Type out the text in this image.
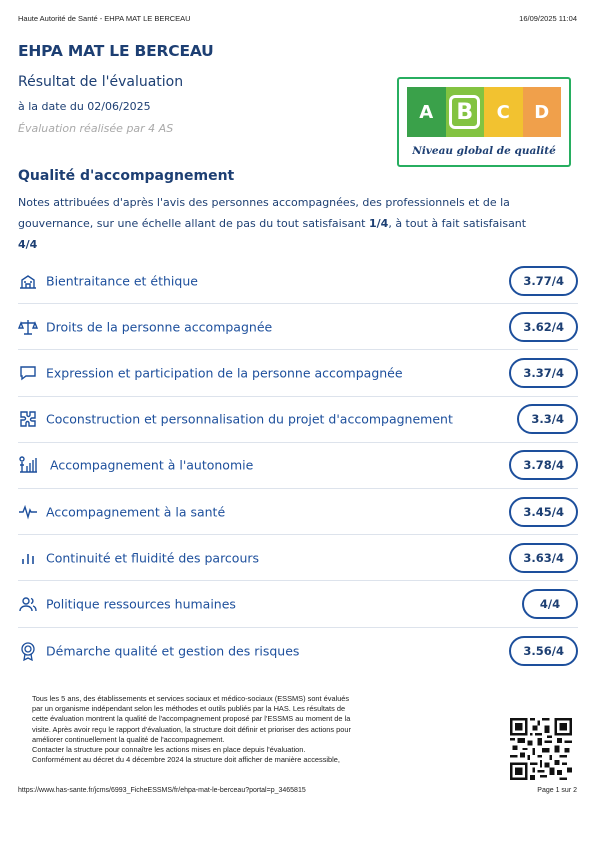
Haute Autorité de Santé - EHPA MAT LE BERCEAU	16/09/2025 11:04
EHPA MAT LE BERCEAU
Résultat de l'évaluation
à la date du 02/06/2025
Évaluation réalisée par 4 AS
A	B	C	D
Niveau global de qualité
Qualité d'accompagnement
Notes attribuées d'après l'avis des personnes accompagnées, des professionnels et de la gouvernance, sur une échelle allant de pas du tout satisfaisant 1/4, à tout à fait satisfaisant
4/4
Bientraitance et éthique	3.77/4
Droits de la personne accompagnée	3.62/4
Expression et participation de la personne accompagnée	3.37/4
Coconstruction et personnalisation du projet d'accompagnement	3.3/4
Accompagnement à l'autonomie	3.78/4
Accompagnement à la santé	3.45/4
Continuité et fluidité des parcours	3.63/4
Politique ressources humaines	4/4
Démarche qualité et gestion des risques	3.56/4
Tous les 5 ans, des établissements et services sociaux et médico-sociaux (ESSMS) sont évalués
par un organisme indépendant selon les méthodes et outils publiés par la HAS. Les résultats de
cette évaluation montrent la qualité de l'accompagnement proposé par l'ESSMS au moment de la
visite. Après avoir reçu le rapport d'évaluation, la structure doit définir et prioriser des actions pour
améliorer continuellement la qualité de l'accompagnement.
Contacter la structure pour connaître les actions mises en place depuis l'évaluation.
Conformément au décret du 4 décembre 2024 la structure doit afficher de manière accessible,
https://www.has-sante.fr/jcms/6993_FicheESSMS/fr/ehpa-mat-le-berceau?portal=p_3465815	Page 1 sur 2
